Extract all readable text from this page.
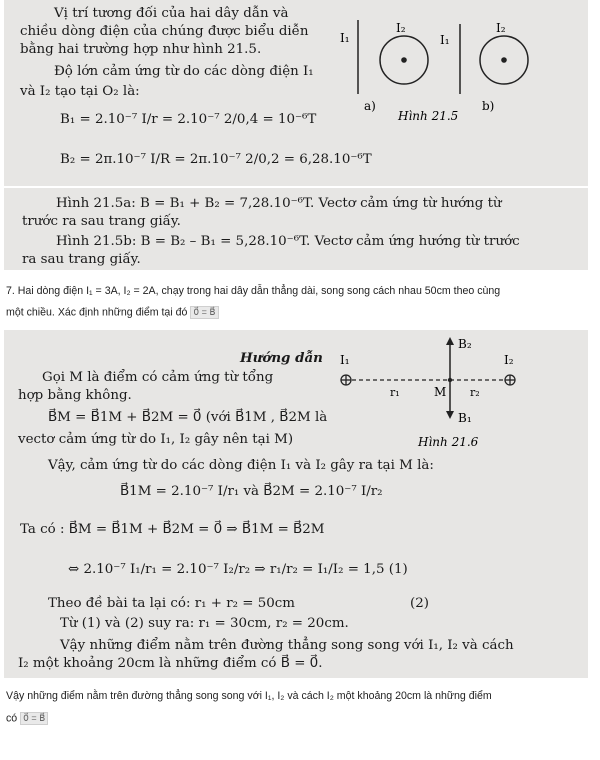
Vị trí tương đối của hai dây dẫn và
chiều dòng điện của chúng được biểu diễn
bằng hai trường hợp như hình 21.5.
Độ lớn cảm ứng từ do các dòng điện I₁
và I₂ tạo tại O₂ là:
B₁ = 2.10⁻⁷ I/r = 2.10⁻⁷ 2/0,4 = 10⁻⁶T
B₂ = 2π.10⁻⁷ I/R = 2π.10⁻⁷ 2/0,2 = 6,28.10⁻⁶T
I₁
I₂
I₁
I₂
a)
Hình 21.5
b)
Hình 21.5a: B = B₁ + B₂ = 7,28.10⁻⁶T. Vectơ cảm ứng từ hướng từ
trước ra sau trang giấy.
Hình 21.5b: B = B₂ – B₁ = 5,28.10⁻⁶T. Vectơ cảm ứng hướng từ trước
ra sau trang giấy.
7. Hai dòng điện I₁ = 3A, I₂ = 2A, chạy trong hai dây dẫn thẳng dài, song song cách nhau 50cm theo cùng
một chiều. Xác định những điểm tại đó 0⃗ = B⃗
Hướng dẫn
Gọi M là điểm có cảm ứng từ tổng
hợp bằng không.
B⃗M = B⃗1M + B⃗2M = 0⃗ (với B⃗1M , B⃗2M là
vectơ cảm ứng từ do I₁, I₂ gây nên tại M)
Vậy, cảm ứng từ do các dòng điện I₁ và I₂ gây ra tại M là:
B⃗1M = 2.10⁻⁷ I/r₁ và B⃗2M = 2.10⁻⁷ I/r₂
Ta có : B⃗M = B⃗1M + B⃗2M = 0⃗ ⇒ B⃗1M = B⃗2M
⇔ 2.10⁻⁷ I₁/r₁ = 2.10⁻⁷ I₂/r₂ ⇒ r₁/r₂ = I₁/I₂ = 1,5 (1)
Theo đề bài ta lại có: r₁ + r₂ = 50cm	(2)
Từ (1) và (2) suy ra: r₁ = 30cm, r₂ = 20cm.
Vậy những điểm nằm trên đường thẳng song song với I₁, I₂ và cách
I₂ một khoảng 20cm là những điểm có B⃗ = 0⃗.
B₂
B₁
I₁	I₂
r₁	r₂
M
Hình 21.6
Vậy những điểm nằm trên đường thẳng song song với I₁, I₂ và cách I₂ một khoảng 20cm là những điểm
có 0⃗ = B⃗
